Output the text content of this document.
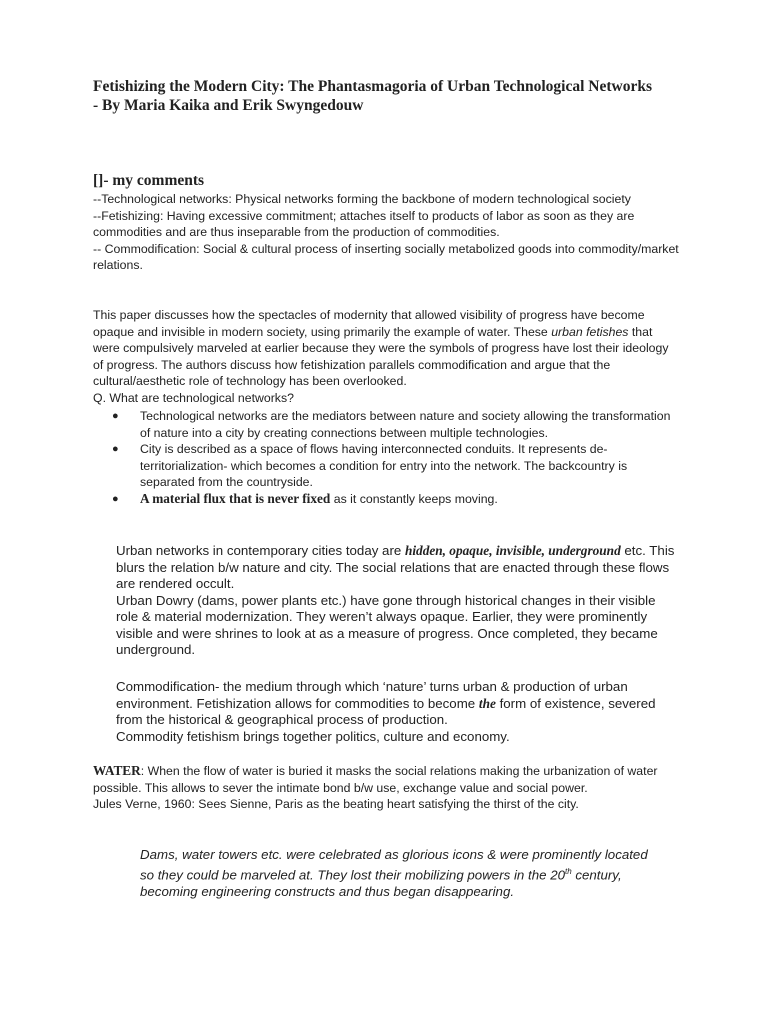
Fetishizing the Modern City: The Phantasmagoria of Urban Technological Networks

- By Maria Kaika and Erik Swyngedouw

[]- my comments

--Technological networks: Physical networks forming the backbone of modern technological society

--Fetishizing: Having excessive commitment; attaches itself to products of labor as soon as they are commodities and are thus inseparable from the production of commodities.

-- Commodification: Social & cultural process of inserting socially metabolized goods into commodity/market relations.

This paper discusses how the spectacles of modernity that allowed visibility of progress have become opaque and invisible in modern society, using primarily the example of water. These urban fetishes that were compulsively marveled at earlier because they were the symbols of progress have lost their ideology of progress. The authors discuss how fetishization parallels commodification and argue that the cultural/aesthetic role of technology has been overlooked.

Q. What are technological networks?

●	Technological networks are the mediators between nature and society allowing the transformation of nature into a city by creating connections between multiple technologies.
●	City is described as a space of flows having interconnected conduits. It represents de-territorialization- which becomes a condition for entry into the network. The backcountry is separated from the countryside.
●	A material flux that is never fixed as it constantly keeps moving.

Urban networks in contemporary cities today are hidden, opaque, invisible, underground etc. This blurs the relation b/w nature and city. The social relations that are enacted through these flows are rendered occult.

Urban Dowry (dams, power plants etc.) have gone through historical changes in their visible role & material modernization. They weren’t always opaque. Earlier, they were prominently visible and were shrines to look at as a measure of progress. Once completed, they became underground.

Commodification- the medium through which ‘nature’ turns urban & production of urban environment. Fetishization allows for commodities to become the form of existence, severed from the historical & geographical process of production.

Commodity fetishism brings together politics, culture and economy.

WATER: When the flow of water is buried it masks the social relations making the urbanization of water possible. This allows to sever the intimate bond b/w use, exchange value and social power.

Jules Verne, 1960: Sees Sienne, Paris as the beating heart satisfying the thirst of the city.

Dams, water towers etc. were celebrated as glorious icons & were prominently located so they could be marveled at. They lost their mobilizing powers in the 20th century, becoming engineering constructs and thus began disappearing.
